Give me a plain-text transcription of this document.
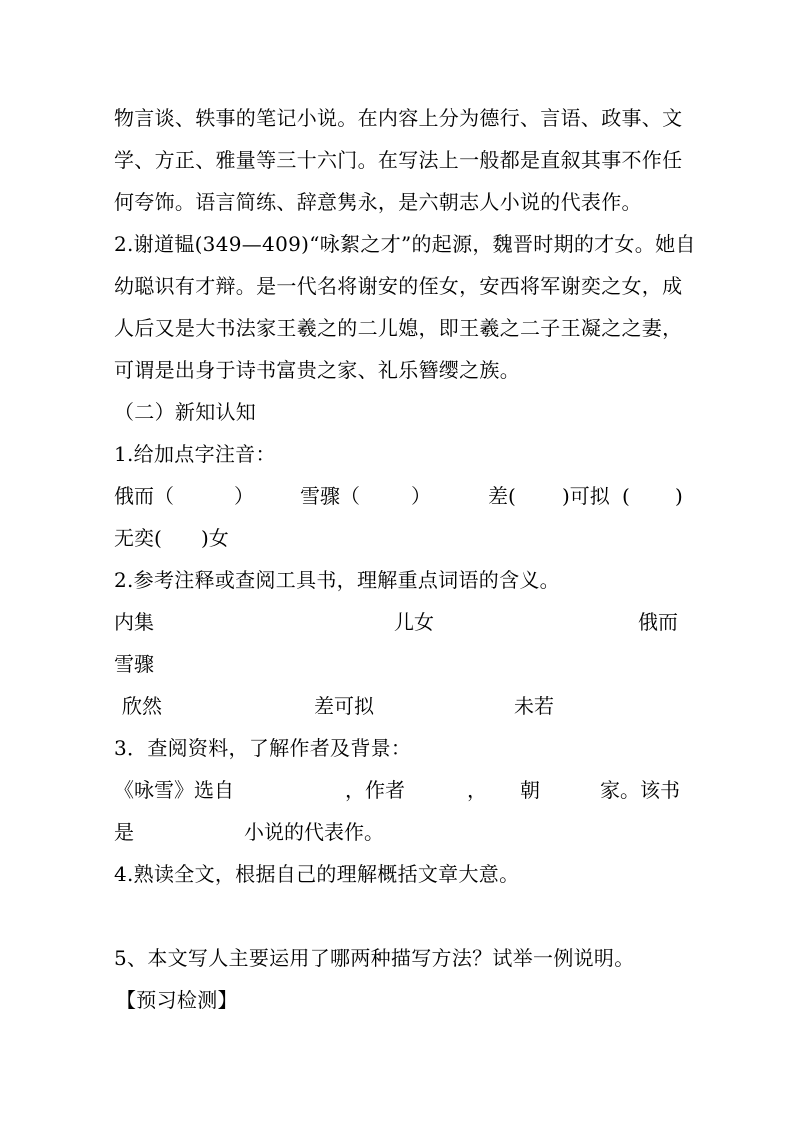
物言谈、轶事的笔记小说。在内容上分为德行、言语、政事、文
学、方正、雅量等三十六门。在写法上一般都是直叙其事不作任
何夸饰。语言简练、辞意隽永，是六朝志人小说的代表作。
2.谢道韫(349—409)“咏絮之才”的起源，魏晋时期的才女。她自
幼聪识有才辩。是一代名将谢安的侄女，安西将军谢奕之女，成
人后又是大书法家王羲之的二儿媳，即王羲之二子王凝之之妻，
可谓是出身于诗书富贵之家、礼乐簪缨之族。
（二）新知认知
1.给加点字注音：
俄而（	） 雪骤（	）	差( )可拟 ( )
无奕( )女
2.参考注释或查阅工具书，理解重点词语的含义。
内集	儿女	俄而
雪骤
欣然	差可拟	未若
3．查阅资料，了解作者及背景：
《咏雪》选自	，作者	， 朝	家。该书
是	小说的代表作。
4.熟读全文，根据自己的理解概括文章大意。
5、本文写人主要运用了哪两种描写方法？试举一例说明。
【预习检测】
